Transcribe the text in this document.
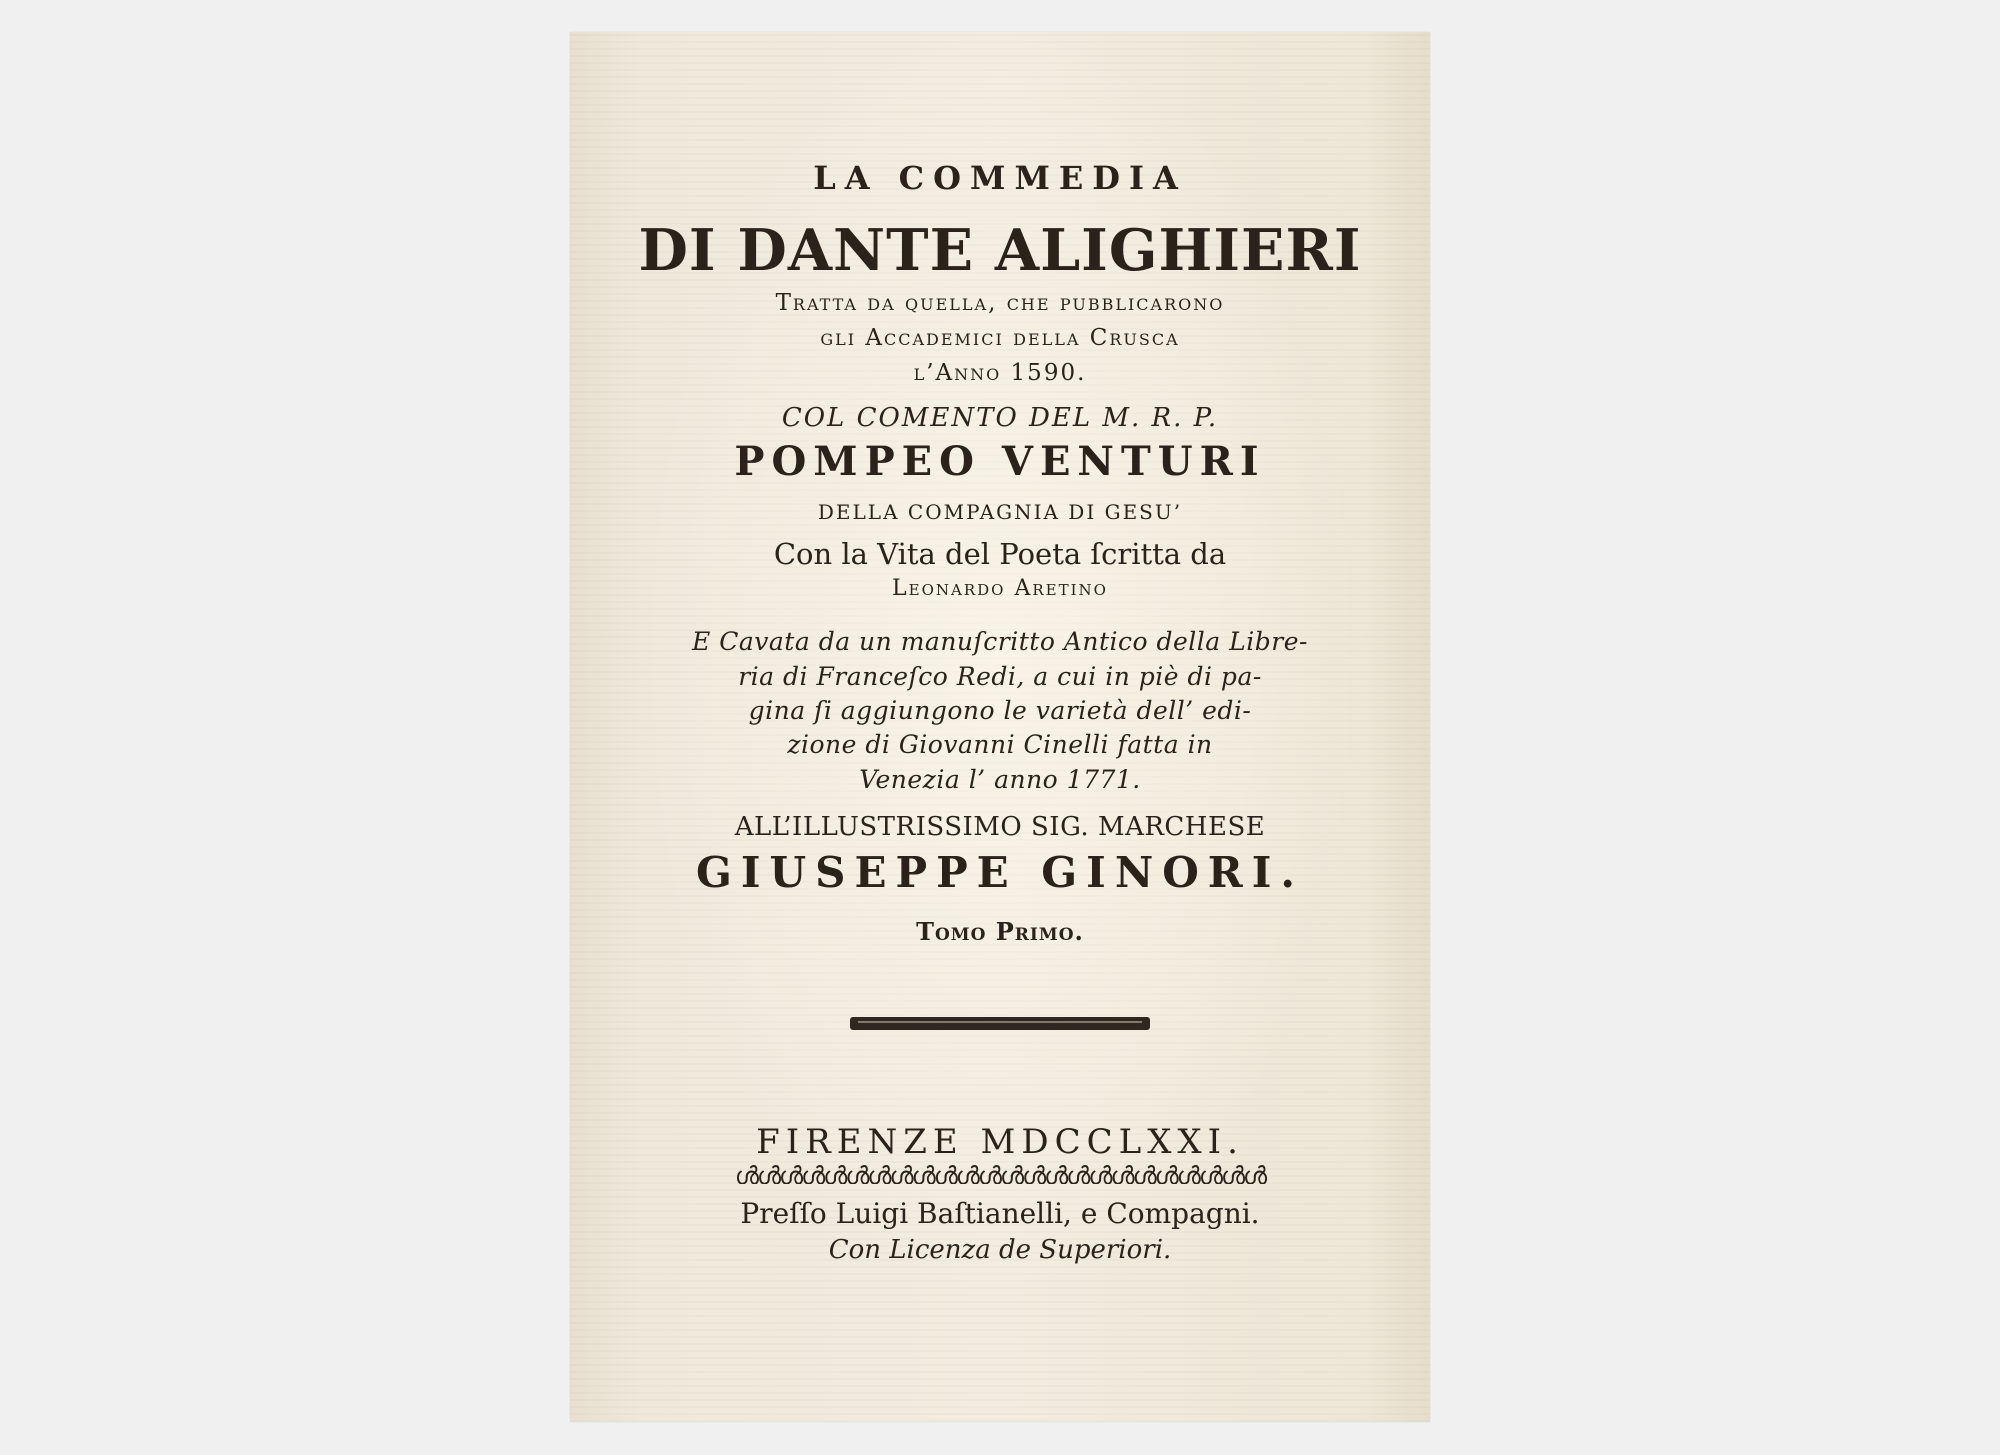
LA COMMEDIA
DI DANTE ALIGHIERI
Tratta da quella, che pubblicarono
gli Accademici della Crusca
l’Anno 1590.
COL COMENTO DEL M. R. P.
POMPEO VENTURI
DELLA COMPAGNIA DI GESU’
Con la Vita del Poeta ſcritta da
Leonardo Aretino
E Cavata da un manuſcritto Antico della Libre-
ria di Franceſco Redi, a cui in piè di pa-
gina ſi aggiungono le varietà dell’ edi-
zione di Giovanni Cinelli fatta in
Venezia l’ anno 1771.
ALL’ILLUSTRISSIMO SIG. MARCHESE
GIUSEPPE GINORI.
Tomo Primo.
FIRENZE MDCCLXXI.
ൾൾൾൾൾൾൾൾൾൾൾൾൾൾൾൾൾൾൾൾൾൾൾൾ
Preſſo Luigi Baſtianelli, e Compagni.
Con Licenza de Superiori.
